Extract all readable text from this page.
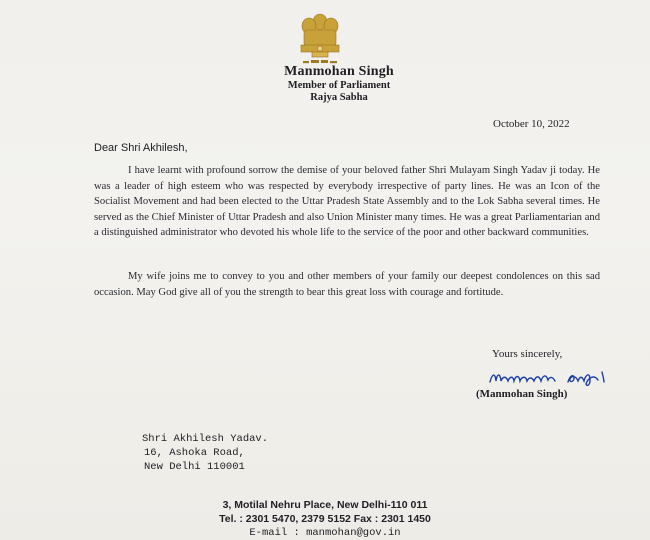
Manmohan Singh
Member of Parliament
Rajya Sabha
October 10, 2022
Dear Shri Akhilesh,
I have learnt with profound sorrow the demise of your beloved father Shri Mulayam Singh Yadav ji today. He was a leader of high esteem who was respected by everybody irrespective of party lines. He was an Icon of the Socialist Movement and had been elected to the Uttar Pradesh State Assembly and to the Lok Sabha several times. He served as the Chief Minister of Uttar Pradesh and also Union Minister many times. He was a great Parliamentarian and a distinguished administrator who devoted his whole life to the service of the poor and other backward communities.
My wife joins me to convey to you and other members of your family our deepest condolences on this sad occasion. May God give all of you the strength to bear this great loss with courage and fortitude.
Yours sincerely,
(Manmohan Singh)
Shri Akhilesh Yadav.
16, Ashoka Road,
New Delhi 110001
3, Motilal Nehru Place, New Delhi-110 011
Tel. : 2301 5470, 2379 5152 Fax : 2301 1450
E-mail : manmohan@gov.in
